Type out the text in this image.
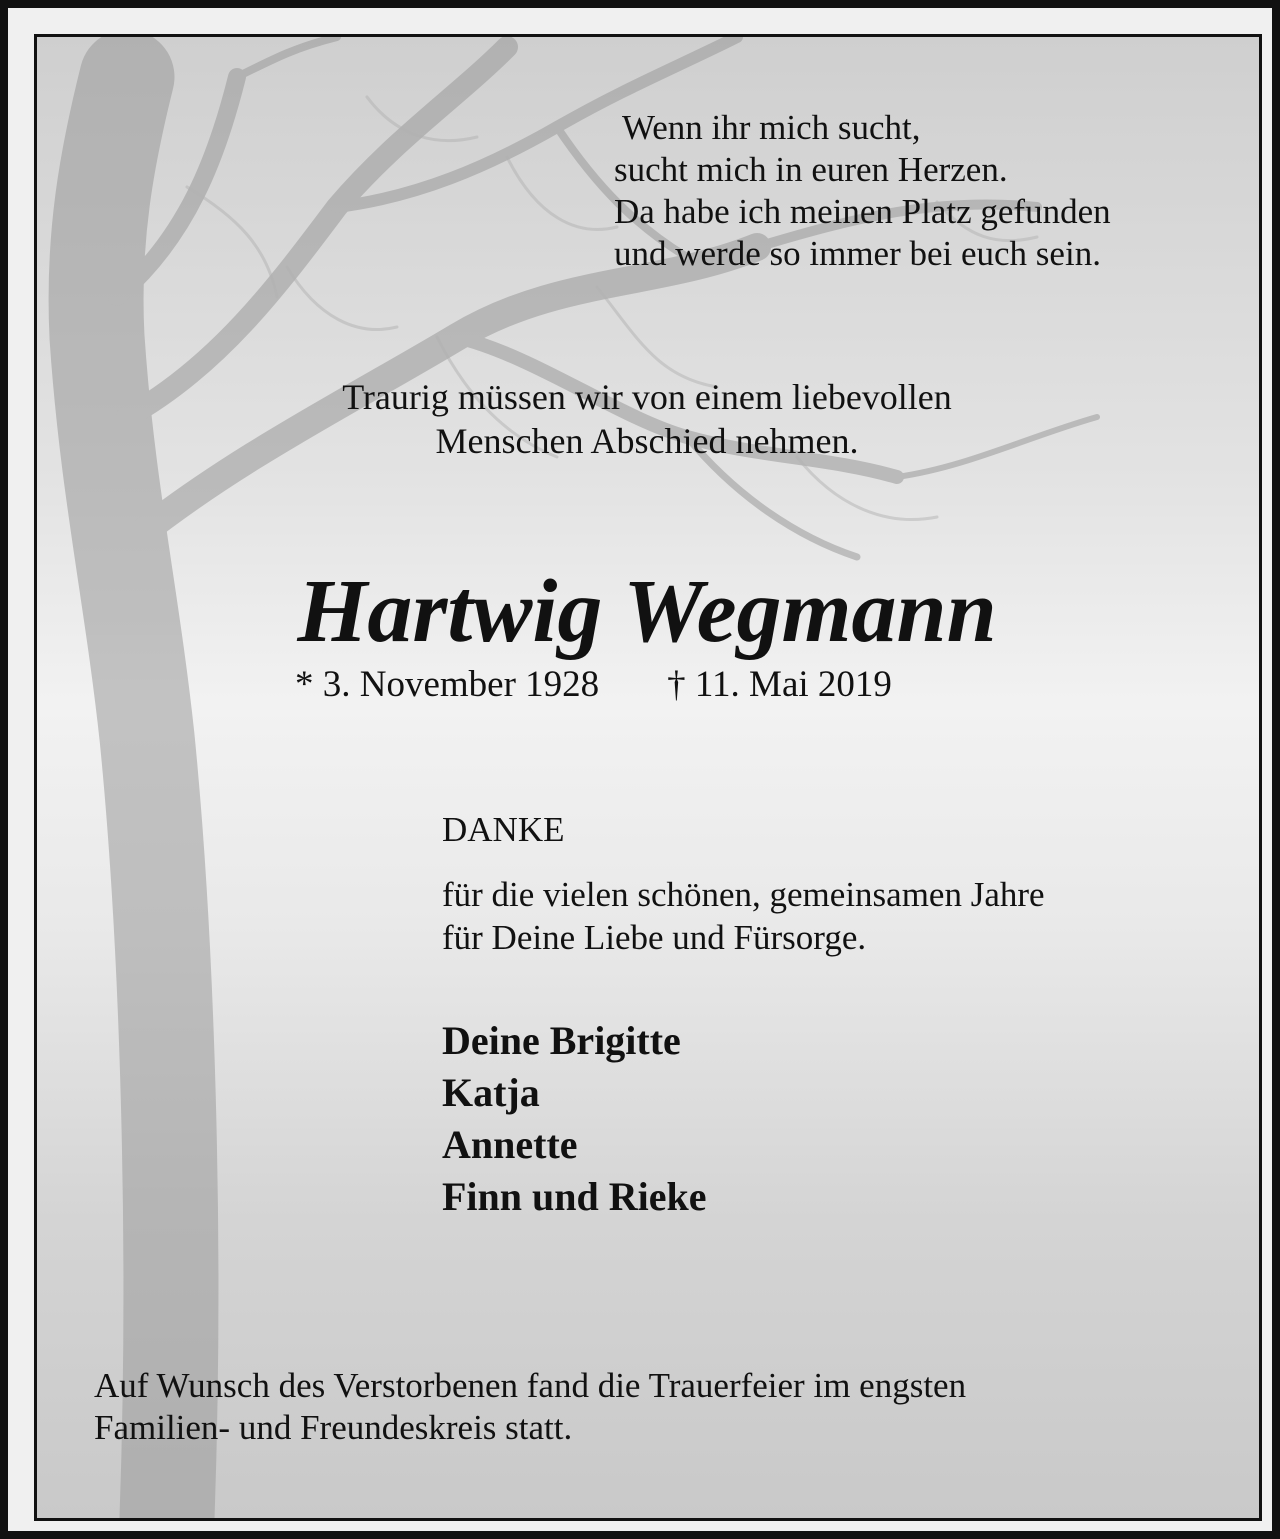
Wenn ihr mich sucht,
sucht mich in euren Herzen.
Da habe ich meinen Platz gefunden
und werde so immer bei euch sein.
Traurig müssen wir von einem liebevollen
Menschen Abschied nehmen.
Hartwig Wegmann
* 3. November 1928 † 11. Mai 2019
DANKE
für die vielen schönen, gemeinsamen Jahre
für Deine Liebe und Fürsorge.
Deine Brigitte
Katja
Annette
Finn und Rieke
Auf Wunsch des Verstorbenen fand die Trauerfeier im engsten
Familien- und Freundeskreis statt.
